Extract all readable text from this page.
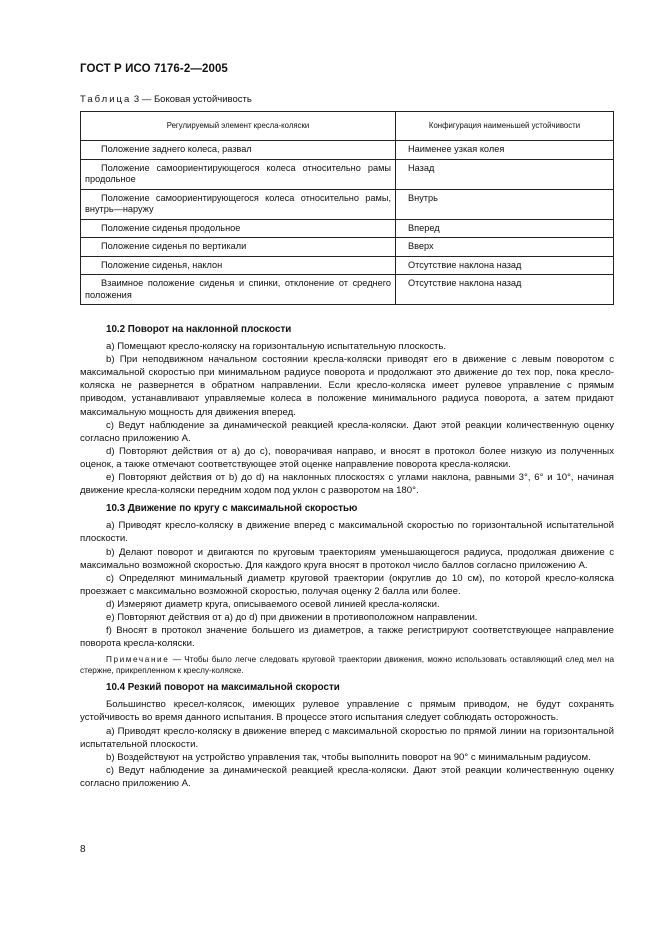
ГОСТ Р ИСО 7176-2—2005
Таблица 3 — Боковая устойчивость
Регулируемый элемент кресла-коляски	Конфигурация наименьшей устойчивости
Положение заднего колеса, развал	Наименее узкая колея
Положение самоориентирующегося колеса относительно рамы продольное	Назад
Положение самоориентирующегося колеса относительно рамы, внутрь—наружу	Внутрь
Положение сиденья продольное	Вперед
Положение сиденья по вертикали	Вверх
Положение сиденья, наклон	Отсутствие наклона назад
Взаимное положение сиденья и спинки, отклонение от среднего положения	Отсутствие наклона назад
10.2 Поворот на наклонной плоскости

а) Помещают кресло-коляску на горизонтальную испытательную плоскость.

b) При неподвижном начальном состоянии кресла-коляски приводят его в движение с левым поворотом с максимальной скоростью при минимальном радиусе поворота и продолжают это движение до тех пор, пока кресло-коляска не развернется в обратном направлении. Если кресло-коляска имеет рулевое управление с прямым приводом, устанавливают управляемые колеса в положение минимального радиуса поворота, а затем придают максимальную мощность для движения вперед.

с) Ведут наблюдение за динамической реакцией кресла-коляски. Дают этой реакции количественную оценку согласно приложению А.

d) Повторяют действия от а) до с), поворачивая направо, и вносят в протокол более низкую из полученных оценок, а также отмечают соответствующее этой оценке направление поворота кресла-коляски.

е) Повторяют действия от b) до d) на наклонных плоскостях с углами наклона, равными 3°, 6° и 10°, начиная движение кресла-коляски передним ходом под уклон с разворотом на 180°.

10.3 Движение по кругу с максимальной скоростью

а) Приводят кресло-коляску в движение вперед с максимальной скоростью по горизонтальной испытательной плоскости.

b) Делают поворот и двигаются по круговым траекториям уменьшающегося радиуса, продолжая движение с максимально возможной скоростью. Для каждого круга вносят в протокол число баллов согласно приложению А.

с) Определяют минимальный диаметр круговой траектории (округлив до 10 см), по которой кресло-коляска проезжает с максимально возможной скоростью, получая оценку 2 балла или более.

d) Измеряют диаметр круга, описываемого осевой линией кресла-коляски.

е) Повторяют действия от а) до d) при движении в противоположном направлении.

f) Вносят в протокол значение большего из диаметров, а также регистрируют соответствующее направление поворота кресла-коляски.

Примечание — Чтобы было легче следовать круговой траектории движения, можно использовать оставляющий след мел на стержне, прикрепленном к креслу-коляске.

10.4 Резкий поворот на максимальной скорости

Большинство кресел-колясок, имеющих рулевое управление с прямым приводом, не будут сохранять устойчивость во время данного испытания. В процессе этого испытания следует соблюдать осторожность.

а) Приводят кресло-коляску в движение вперед с максимальной скоростью по прямой линии на горизонтальной испытательной плоскости.

b) Воздействуют на устройство управления так, чтобы выполнить поворот на 90° с минимальным радиусом.

с) Ведут наблюдение за динамической реакцией кресла-коляски. Дают этой реакции количественную оценку согласно приложению А.

8
